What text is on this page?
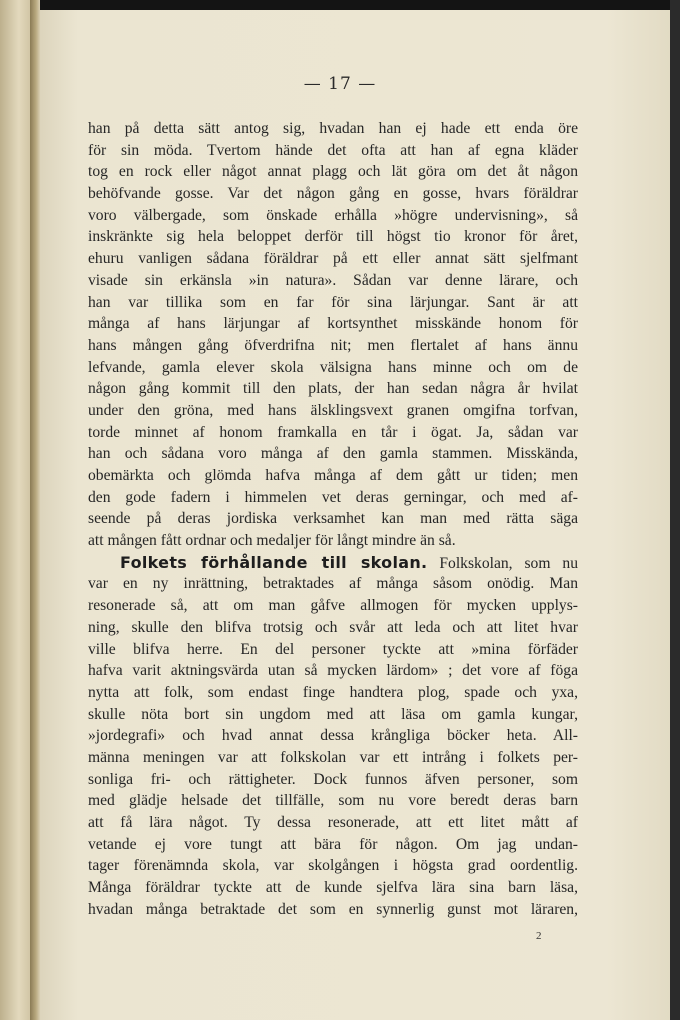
— 17 —
han på detta sätt antog sig, hvadan han ej hade ett enda öre
för sin möda. Tvertom hände det ofta att han af egna kläder
tog en rock eller något annat plagg och lät göra om det åt någon
behöfvande gosse. Var det någon gång en gosse, hvars föräldrar
voro välbergade, som önskade erhålla »högre undervisning», så
inskränkte sig hela beloppet derför till högst tio kronor för året,
ehuru vanligen sådana föräldrar på ett eller annat sätt sjelfmant
visade sin erkänsla »in natura». Sådan var denne lärare, och
han var tillika som en far för sina lärjungar. Sant är att
många af hans lärjungar af kortsynthet misskände honom för
hans mången gång öfverdrifna nit; men flertalet af hans ännu
lefvande, gamla elever skola välsigna hans minne och om de
någon gång kommit till den plats, der han sedan några år hvilat
under den gröna, med hans älsklingsvext granen omgifna torfvan,
torde minnet af honom framkalla en tår i ögat. Ja, sådan var
han och sådana voro många af den gamla stammen. Misskända,
obemärkta och glömda hafva många af dem gått ur tiden; men
den gode fadern i himmelen vet deras gerningar, och med af-
seende på deras jordiska verksamhet kan man med rätta säga
att mången fått ordnar och medaljer för långt mindre än så.
Folkets förhållande till skolan. Folkskolan, som nu
var en ny inrättning, betraktades af många såsom onödig. Man
resonerade så, att om man gåfve allmogen för mycken upplys-
ning, skulle den blifva trotsig och svår att leda och att litet hvar
ville blifva herre. En del personer tyckte att »mina förfäder
hafva varit aktningsvärda utan så mycken lärdom» ; det vore af föga
nytta att folk, som endast finge handtera plog, spade och yxa,
skulle nöta bort sin ungdom med att läsa om gamla kungar,
»jordegrafi» och hvad annat dessa krångliga böcker heta. All-
männa meningen var att folkskolan var ett intrång i folkets per-
sonliga fri- och rättigheter. Dock funnos äfven personer, som
med glädje helsade det tillfälle, som nu vore beredt deras barn
att få lära något. Ty dessa resonerade, att ett litet mått af
vetande ej vore tungt att bära för någon. Om jag undan-
tager förenämnda skola, var skolgången i högsta grad oordentlig.
Många föräldrar tyckte att de kunde sjelfva lära sina barn läsa,
hvadan många betraktade det som en synnerlig gunst mot läraren,
2
